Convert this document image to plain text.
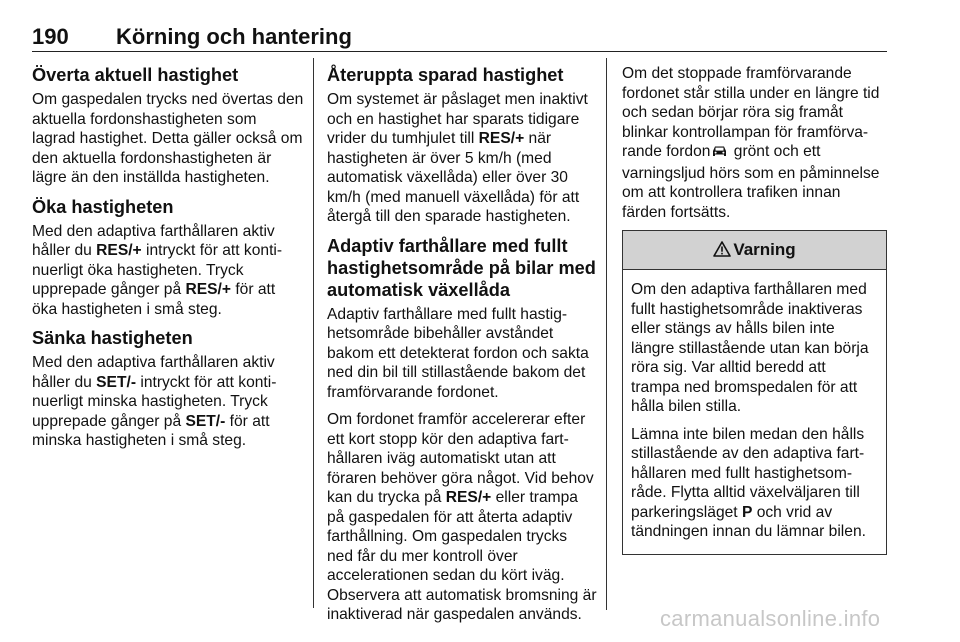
190 Körning och hantering
Överta aktuell hastighet

Om gaspedalen trycks ned övertas den aktuella fordonshastigheten som lagrad hastighet. Detta gäller också om den aktuella fordonshastigheten är lägre än den inställda hastigheten.

Öka hastigheten

Med den adaptiva farthållaren aktiv håller du RES/+ intryckt för att konti-nuerligt öka hastigheten. Tryck upprepade gånger på RES/+ för att öka hastigheten i små steg.

Sänka hastigheten

Med den adaptiva farthållaren aktiv håller du SET/- intryckt för att konti-nuerligt minska hastigheten. Tryck upprepade gånger på SET/- för att minska hastigheten i små steg.

Återuppta sparad hastighet

Om systemet är påslaget men inaktivt och en hastighet har sparats tidigare vrider du tumhjulet till RES/+ när hastigheten är över 5 km/h (med automatisk växellåda) eller över 30 km/h (med manuell växellåda) för att återgå till den sparade hastigheten.

Adaptiv farthållare med fullt hastighetsområde på bilar med automatisk växellåda

Adaptiv farthållare med fullt hastig-hetsområde bibehåller avståndet bakom ett detekterat fordon och sakta ned din bil till stillastående bakom det framförvarande fordonet.

Om fordonet framför accelererar efter ett kort stopp kör den adaptiva fart-hållaren iväg automatiskt utan att föraren behöver göra något. Vid behov kan du trycka på RES/+ eller trampa på gaspedalen för att återta adaptiv farthållning. Om gaspedalen trycks ned får du mer kontroll över accelerationen sedan du kört iväg. Observera att automatisk bromsning är inaktiverad när gaspedalen används.

Om det stoppade framförvarande fordonet står stilla under en längre tid och sedan börjar röra sig framåt blinkar kontrollampan för framförva-rande fordon grönt och ett varningsljud hörs som en påminnelse om att kontrollera trafiken innan färden fortsätts.

Varning

Om den adaptiva farthållaren med fullt hastighetsområde inaktiveras eller stängs av hålls bilen inte längre stillastående utan kan börja röra sig. Var alltid beredd att trampa ned bromspedalen för att hålla bilen stilla.

Lämna inte bilen medan den hålls stillastående av den adaptiva fart-hållaren med fullt hastighetsom-råde. Flytta alltid växelväljaren till parkeringsläget P och vrid av tändningen innan du lämnar bilen.

carmanualsonline.info
